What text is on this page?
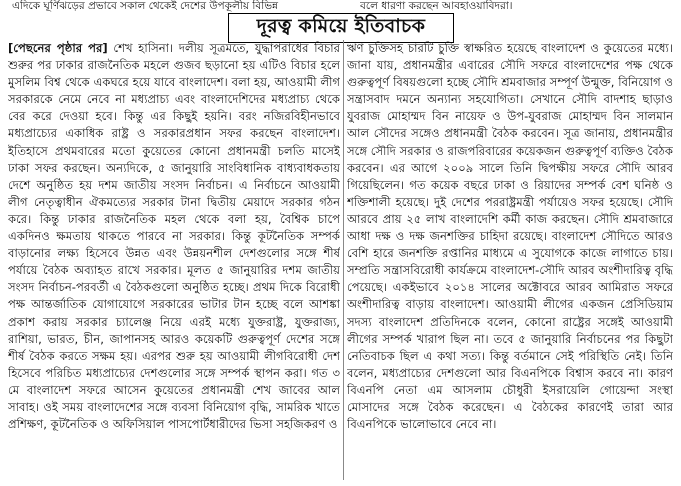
এদিকে ঘূর্ণিঝড়ের প্রভাবে সকাল থেকেই দেশের উপকূলীয় বিভিন্ন	বলে ধারণা করছেন আবহাওয়াবিদরা।
দূরত্ব কমিয়ে ইতিবাচক

[পেছনের পৃষ্ঠার পর] শেখ হাসিনা। দলীয় সূত্রমতে, যুদ্ধাপরাধের বিচার শুরুর পর ঢাকার রাজনৈতিক মহলে গুজব ছড়ানো হয় এটিও বিচার হলে মুসলিম বিশ্ব থেকে একঘরে হয়ে যাবে বাংলাদেশ। বলা হয়, আওয়ামী লীগ সরকারকে নেমে নেবে না মধ্যপ্রাচ্য এবং বাংলাদেশিদের মধ্যপ্রাচ্য থেকে বের করে দেওয়া হবে। কিন্তু এর কিছুই হয়নি। বরং নজিরবিহীনভাবে মধ্যপ্রাচ্যের একাধিক রাষ্ট্র ও সরকারপ্রধান সফর করছেন বাংলাদেশ। ইতিহাসে প্রথমবারের মতো কুয়েতের কোনো প্রধানমন্ত্রী চলতি মাসেই ঢাকা সফর করছেন। অন্যদিকে, ৫ জানুয়ারি সাংবিধানিক বাধ্যবাধকতায় দেশে অনুষ্ঠিত হয় দশম জাতীয় সংসদ নির্বাচন। এ নির্বাচনে আওয়ামী লীগ নেতৃত্বাধীন ঐকমত্যের সরকার টানা দ্বিতীয় মেয়াদে সরকার গঠন করে। কিন্তু ঢাকার রাজনৈতিক মহল থেকে বলা হয়, বৈশ্বিক চাপে একদিনও ক্ষমতায় থাকতে পারবে না সরকার। কিন্তু কূটনৈতিক সম্পর্ক বাড়ানোর লক্ষ্য হিসেবে উন্নত এবং উন্নয়নশীল দেশগুলোর সঙ্গে শীর্ষ পর্যায়ে বৈঠক অব্যাহত রাখে সরকার। মূলত ৫ জানুয়ারির দশম জাতীয় সংসদ নির্বাচন-পরবর্তী এ বৈঠকগুলো অনুষ্ঠিত হচ্ছে। প্রথম দিকে বিরোধী পক্ষ আন্তর্জাতিক যোগাযোগে সরকারের ভাটার টান হচ্ছে বলে আশঙ্কা প্রকাশ করায় সরকার চ্যালেঞ্জ নিয়ে এরই মধ্যে যুক্তরাষ্ট্র, যুক্তরাজ্য, রাশিয়া, ভারত, চীন, জাপানসহ আরও কয়েকটি গুরুত্বপূর্ণ দেশের সঙ্গে শীর্ষ বৈঠক করতে সক্ষম হয়। এরপর শুরু হয় আওয়ামী লীগবিরোধী দেশ হিসেবে পরিচিত মধ্যপ্রাচ্যের দেশগুলোর সঙ্গে সম্পর্ক স্থাপন করা। গত ৩ মে বাংলাদেশ সফরে আসেন কুয়েতের প্রধানমন্ত্রী শেখ জাবের আল সাবাহ। ওই সময় বাংলাদেশের সঙ্গে ব্যবসা বিনিয়োগ বৃদ্ধি, সামরিক খাতে প্রশিক্ষণ, কূটনৈতিক ও অফিসিয়াল পাসপোর্টধারীদের ভিসা সহজিকরণ ও

ঋণ চুক্তিসহ চারটি চুক্তি স্বাক্ষরিত হয়েছে বাংলাদেশ ও কুয়েতের মধ্যে। জানা যায়, প্রধানমন্ত্রীর এবারের সৌদি সফরে বাংলাদেশের পক্ষ থেকে গুরুত্বপূর্ণ বিষয়গুলো হচ্ছে সৌদি শ্রমবাজার সম্পূর্ণ উন্মুক্ত, বিনিয়োগ ও সন্ত্রাসবাদ দমনে অন্যান্য সহযোগিতা। সেখানে সৌদি বাদশাহ ছাড়াও যুবরাজ মোহাম্মদ বিন নায়েফ ও উপ-যুবরাজ মোহাম্মদ বিন সালমান আল সৌদের সঙ্গেও প্রধানমন্ত্রী বৈঠক করবেন। সূত্র জানায়, প্রধানমন্ত্রীর সঙ্গে সৌদি সরকার ও রাজপরিবারের কয়েকজন গুরুত্বপূর্ণ ব্যক্তিও বৈঠক করবেন। এর আগে ২০০৯ সালে তিনি দ্বিপক্ষীয় সফরে সৌদি আরব গিয়েছিলেন। গত কয়েক বছরে ঢাকা ও রিয়াদের সম্পর্ক বেশ ঘনিষ্ঠ ও শক্তিশালী হয়েছে। দুই দেশের পররাষ্ট্রমন্ত্রী পর্যায়েও সফর হয়েছে। সৌদি আরবে প্রায় ২৫ লাখ বাংলাদেশি কর্মী কাজ করছেন। সৌদি শ্রমবাজারে আধা দক্ষ ও দক্ষ জনশক্তির চাহিদা রয়েছে। বাংলাদেশ সৌদিতে আরও বেশি হারে জনশক্তি রপ্তানির মাধ্যমে এ সুযোগকে কাজে লাগাতে চায়। সম্প্রতি সন্ত্রাসবিরোধী কার্যক্রমে বাংলাদেশ-সৌদি আরব অংশীদারিত্ব বৃদ্ধি পেয়েছে। একইভাবে ২০১৪ সালের অক্টোবরে আরব আমিরাত সফরে অংশীদারিত্ব বাড়ায় বাংলাদেশ। আওয়ামী লীগের একজন প্রেসিডিয়াম সদস্য বাংলাদেশ প্রতিদিনকে বলেন, কোনো রাষ্ট্রের সঙ্গেই আওয়ামী লীগের সম্পর্ক খারাপ ছিল না। তবে ৫ জানুয়ারি নির্বাচনের পর কিছুটা নেতিবাচক ছিল এ কথা সত্য। কিন্তু বর্তমানে সেই পরিস্থিতি নেই। তিনি বলেন, মধ্যপ্রাচ্যের দেশগুলো আর বিএনপিকে বিশ্বাস করবে না। কারণ বিএনপি নেতা এম আসলাম চৌধুরী ইসরায়েলি গোয়েন্দা সংস্থা মোসাদের সঙ্গে বৈঠক করেছেন। এ বৈঠকের কারণেই তারা আর বিএনপিকে ভালোভাবে নেবে না।
